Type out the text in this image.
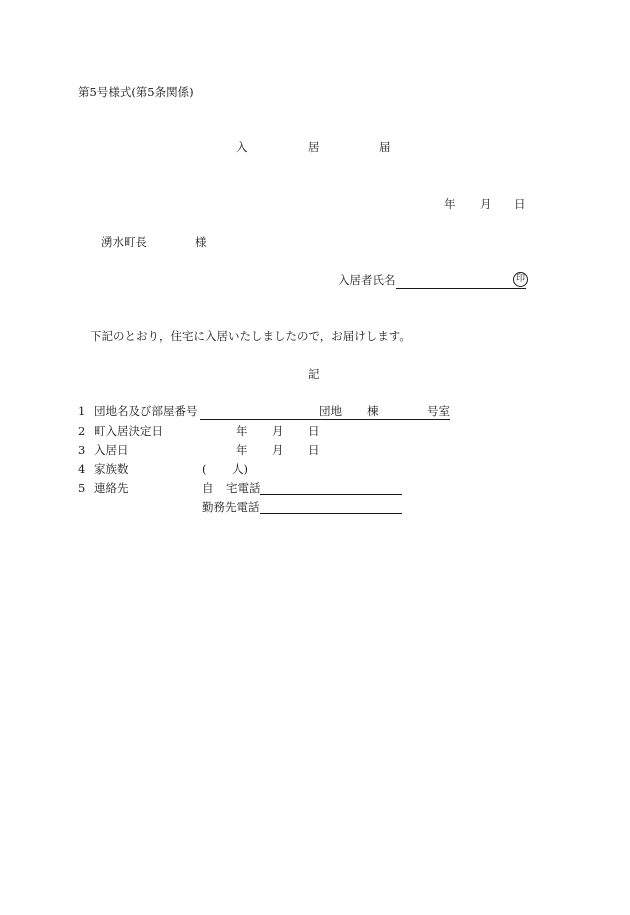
第5号様式(第5条関係)
入	居	届
年 月 日
湧水町長	様
入居者氏名	印
下記のとおり，住宅に入居いたしましたので，お届けします。
記
1 団地名及び部屋番号	団地 棟	号室
2 町入居決定日	年 月 日
3 入居日	年 月 日
4 家族数	( 人)
5 連絡先	自 宅電話
勤務先電話
